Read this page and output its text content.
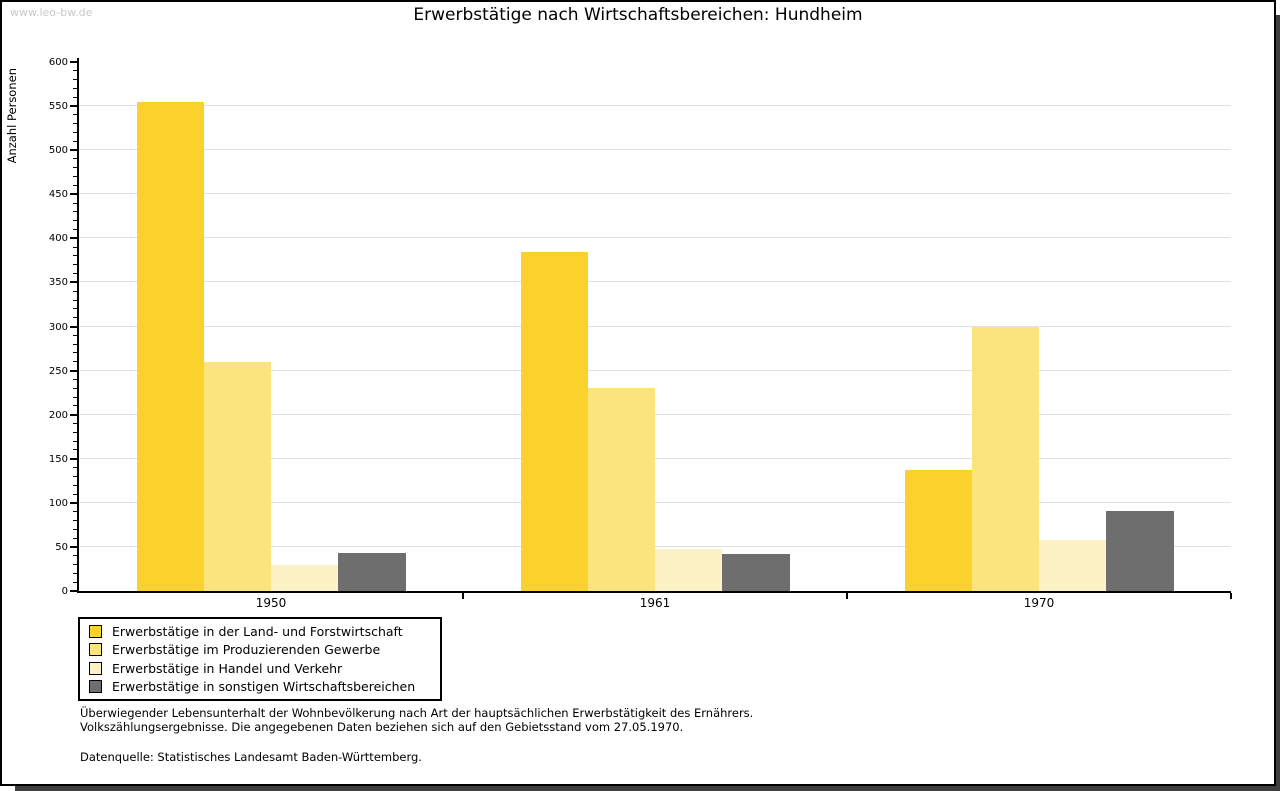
www.leo-bw.de	Erwerbstätige nach Wirtschaftsbereichen: Hundheim
Anzahl Personen
0
50
100
150
200
250
300
350
400
450
500
550
600
1950	1961	1970
Erwerbstätige in der Land- und Forstwirtschaft
Erwerbstätige im Produzierenden Gewerbe
Erwerbstätige in Handel und Verkehr
Erwerbstätige in sonstigen Wirtschaftsbereichen
Überwiegender Lebensunterhalt der Wohnbevölkerung nach Art der hauptsächlichen Erwerbstätigkeit des Ernährers.
Volkszählungsergebnisse. Die angegebenen Daten beziehen sich auf den Gebietsstand vom 27.05.1970.
Datenquelle: Statistisches Landesamt Baden-Württemberg.
